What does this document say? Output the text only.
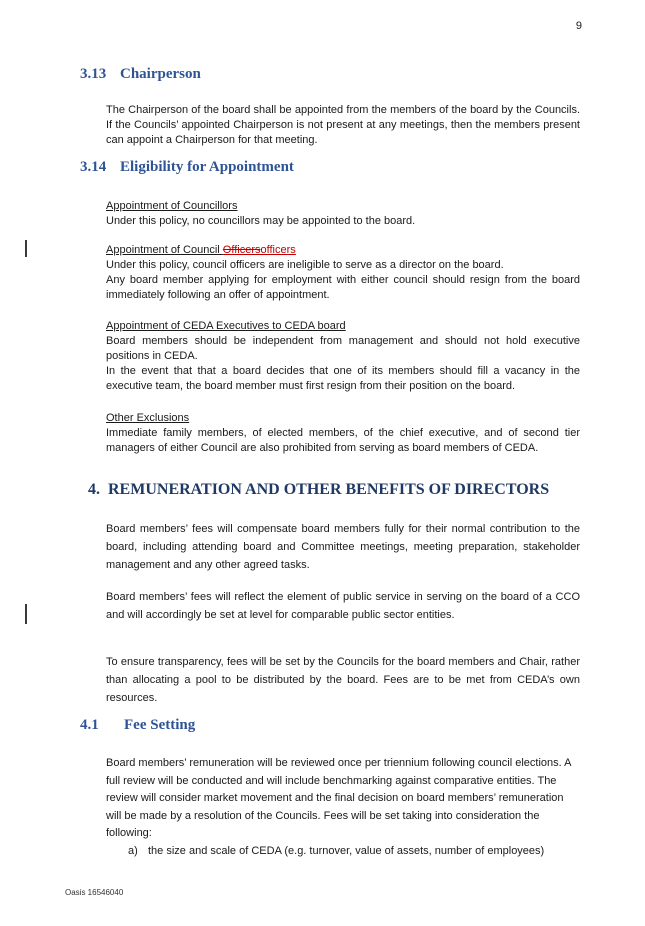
9
3.13 Chairperson
The Chairperson of the board shall be appointed from the members of the board by the Councils. If the Councils’ appointed Chairperson is not present at any meetings, then the members present can appoint a Chairperson for that meeting.
3.14 Eligibility for Appointment
Appointment of Councillors
Under this policy, no councillors may be appointed to the board.
Appointment of Council Officersofficers
Under this policy, council officers are ineligible to serve as a director on the board.
Any board member applying for employment with either council should resign from the board immediately following an offer of appointment.
Appointment of CEDA Executives to CEDA board
Board members should be independent from management and should not hold executive positions in CEDA.
In the event that that a board decides that one of its members should fill a vacancy in the executive team, the board member must first resign from their position on the board.
Other Exclusions
Immediate family members, of elected members, of the chief executive, and of second tier managers of either Council are also prohibited from serving as board members of CEDA.
4. REMUNERATION AND OTHER BENEFITS OF DIRECTORS
Board members’ fees will compensate board members fully for their normal contribution to the board, including attending board and Committee meetings, meeting preparation, stakeholder management and any other agreed tasks.
Board members’ fees will reflect the element of public service in serving on the board of a CCO and will accordingly be set at level for comparable public sector entities.
To ensure transparency, fees will be set by the Councils for the board members and Chair, rather than allocating a pool to be distributed by the board. Fees are to be met from CEDA’s own resources.
4.1 Fee Setting
Board members’ remuneration will be reviewed once per triennium following council elections. A full review will be conducted and will include benchmarking against comparative entities. The review will consider market movement and the final decision on board members’ remuneration will be made by a resolution of the Councils. Fees will be set taking into consideration the following:
a) the size and scale of CEDA (e.g. turnover, value of assets, number of employees)
Oasis 16546040
